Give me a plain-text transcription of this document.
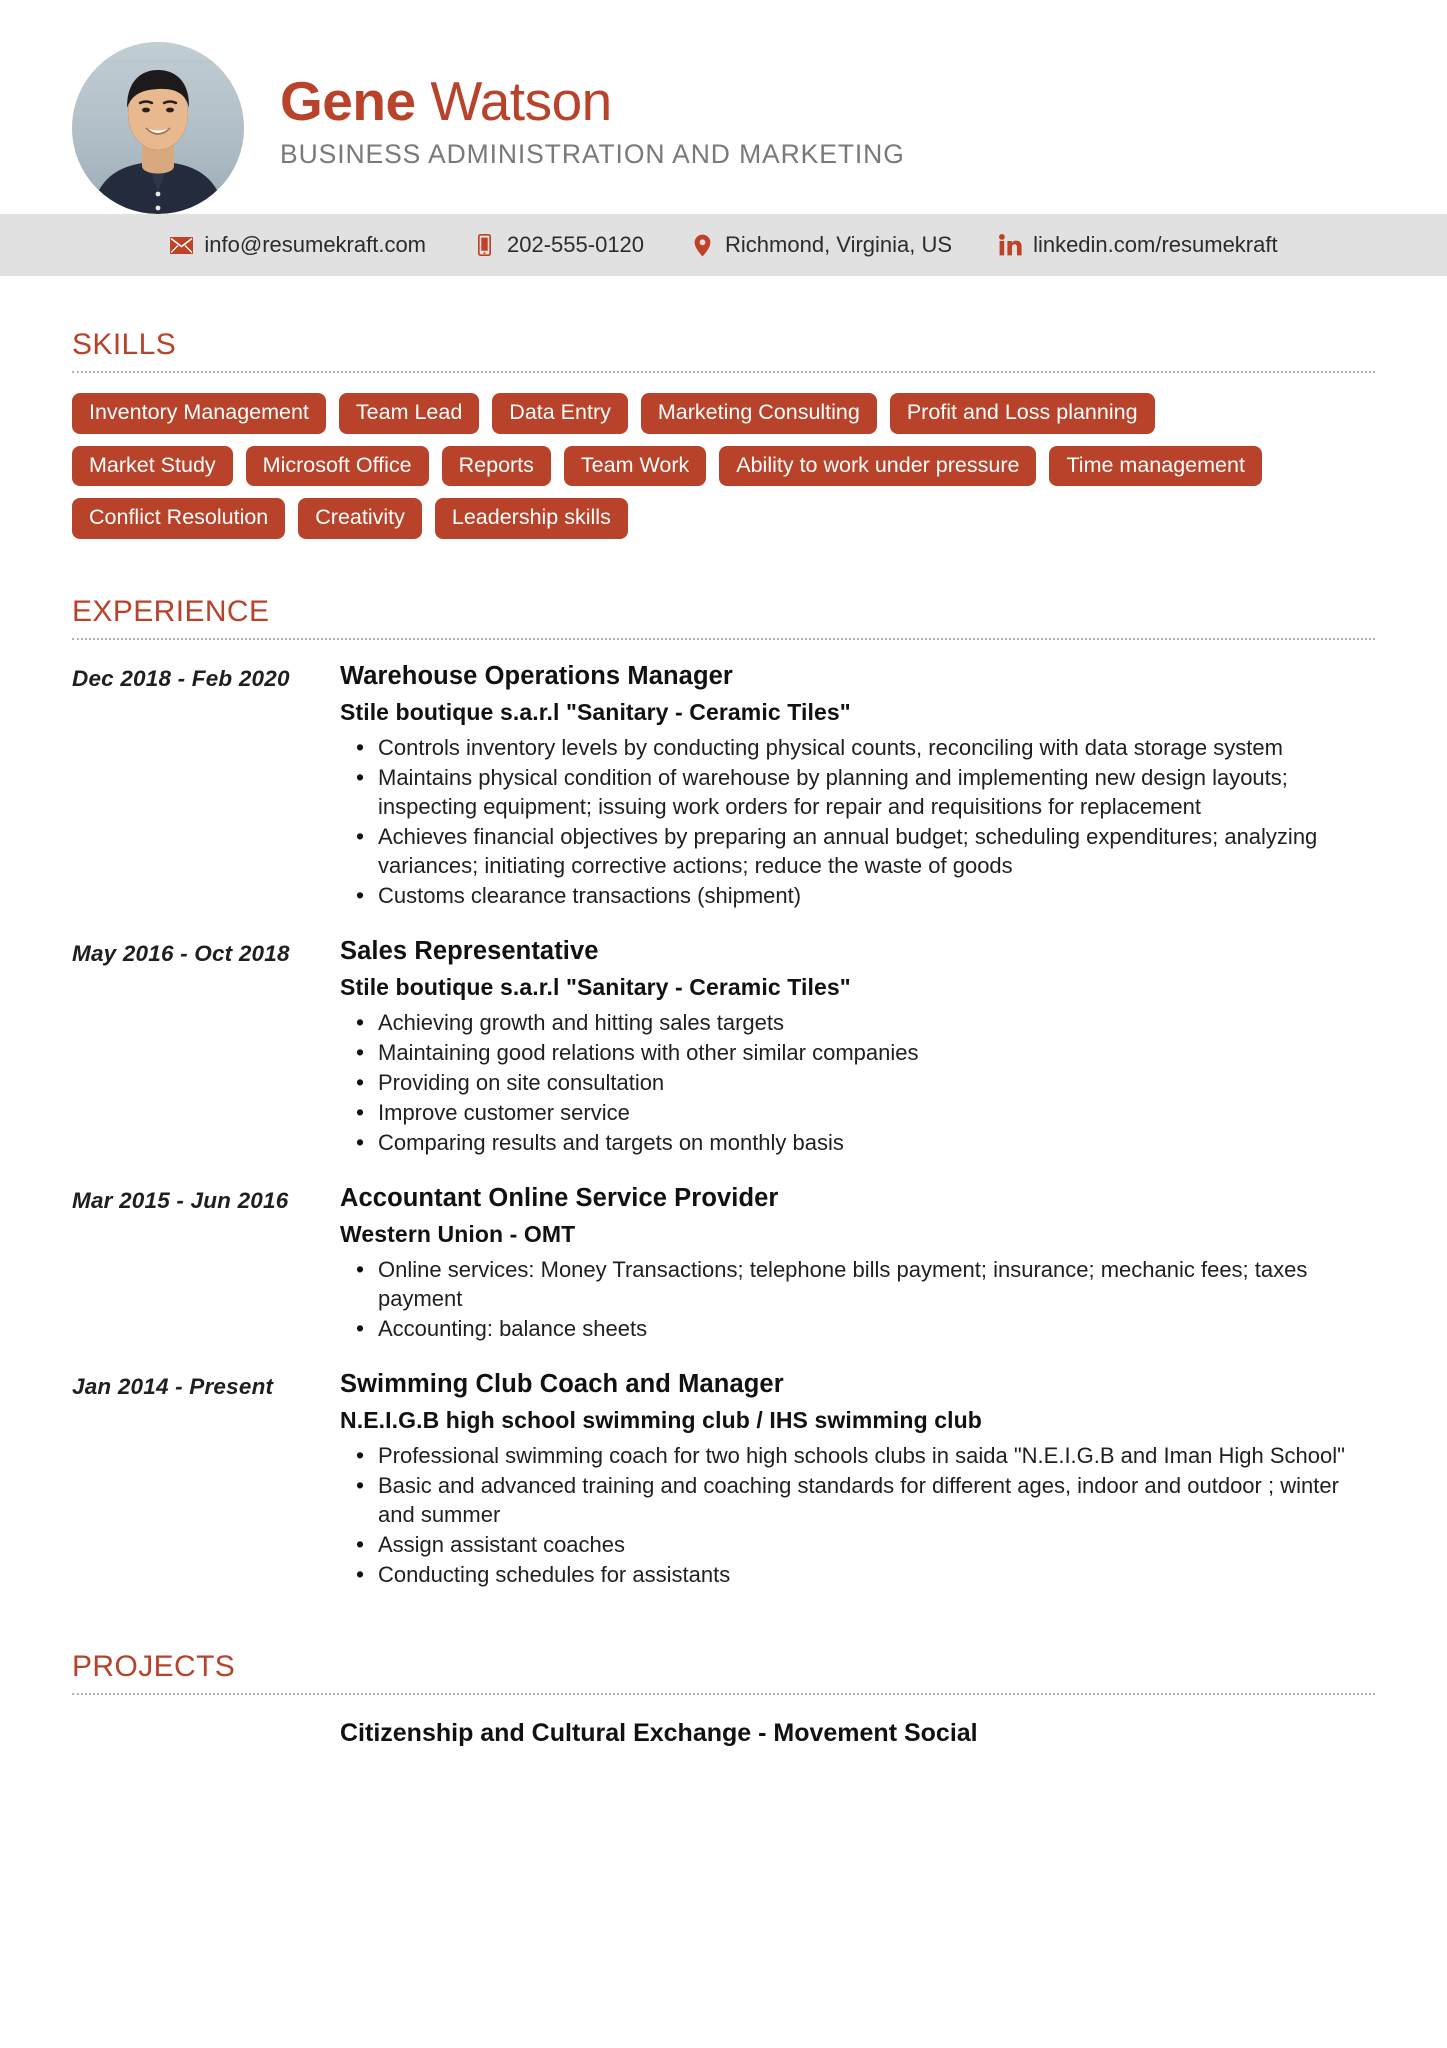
Gene Watson
BUSINESS ADMINISTRATION AND MARKETING
info@resumekraft.com	202-555-0120	Richmond, Virginia, US	linkedin.com/resumekraft
SKILLS
Inventory Management	Team Lead	Data Entry	Marketing Consulting	Profit and Loss planning
Market Study	Microsoft Office	Reports	Team Work	Ability to work under pressure	Time management
Conflict Resolution	Creativity	Leadership skills
EXPERIENCE
Dec 2018 - Feb 2020	Warehouse Operations Manager
Stile boutique s.a.r.l "Sanitary - Ceramic Tiles"
• Controls inventory levels by conducting physical counts, reconciling with data storage system
• Maintains physical condition of warehouse by planning and implementing new design layouts; inspecting equipment; issuing work orders for repair and requisitions for replacement
• Achieves financial objectives by preparing an annual budget; scheduling expenditures; analyzing variances; initiating corrective actions; reduce the waste of goods
• Customs clearance transactions (shipment)
May 2016 - Oct 2018	Sales Representative
Stile boutique s.a.r.l "Sanitary - Ceramic Tiles"
• Achieving growth and hitting sales targets
• Maintaining good relations with other similar companies
• Providing on site consultation
• Improve customer service
• Comparing results and targets on monthly basis
Mar 2015 - Jun 2016	Accountant Online Service Provider
Western Union - OMT
• Online services: Money Transactions; telephone bills payment; insurance; mechanic fees; taxes payment
• Accounting: balance sheets
Jan 2014 - Present	Swimming Club Coach and Manager
N.E.I.G.B high school swimming club / IHS swimming club
• Professional swimming coach for two high schools clubs in saida "N.E.I.G.B and Iman High School"
• Basic and advanced training and coaching standards for different ages, indoor and outdoor ; winter and summer
• Assign assistant coaches
• Conducting schedules for assistants
PROJECTS
Citizenship and Cultural Exchange - Movement Social
